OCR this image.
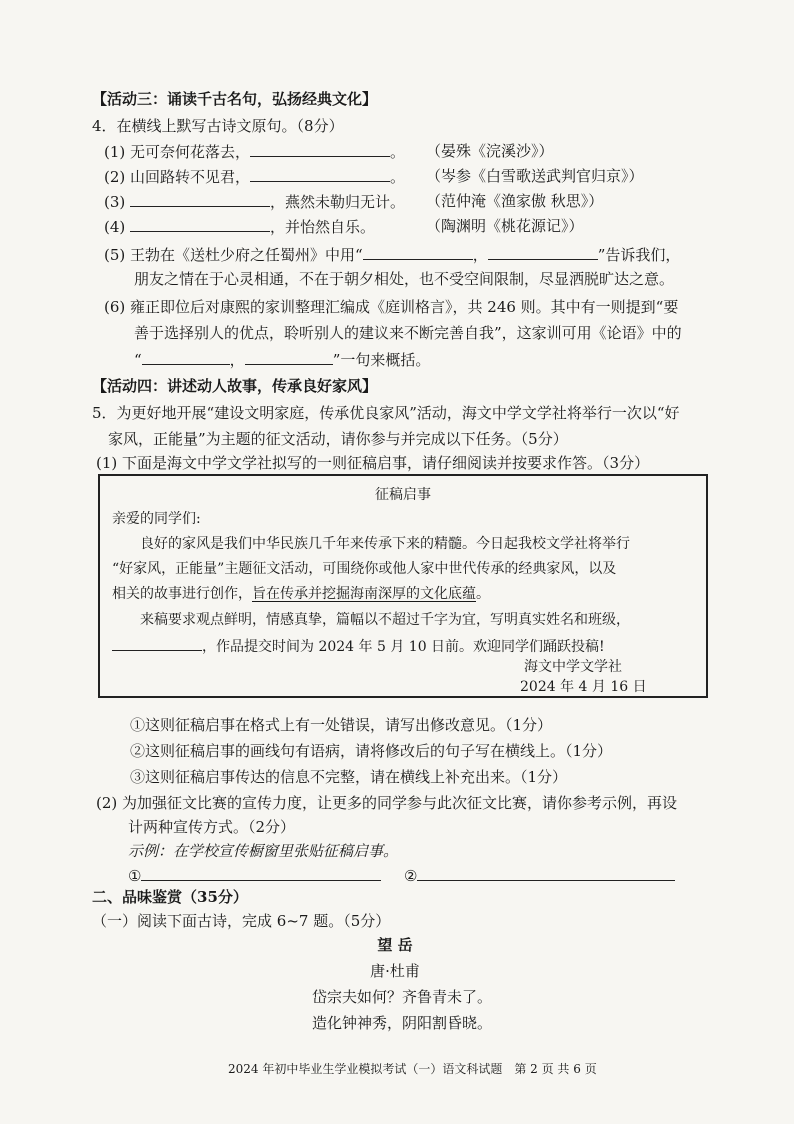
【活动三：诵读千古名句，弘扬经典文化】
4．在横线上默写古诗文原句。（8分）
(1) 无可奈何花落去，	。 （晏殊《浣溪沙》）
(2) 山回路转不见君，	。 （岑参《白雪歌送武判官归京》）
(3)	，燕然未勒归无计。 （范仲淹《渔家傲 秋思》）
(4)	，并怡然自乐。	（陶渊明《桃花源记》）
(5) 王勃在《送杜少府之任蜀州》中用“	，	”告诉我们，
朋友之情在于心灵相通，不在于朝夕相处，也不受空间限制，尽显洒脱旷达之意。
(6) 雍正即位后对康熙的家训整理汇编成《庭训格言》，共 246 则。其中有一则提到“要
善于选择别人的优点，聆听别人的建议来不断完善自我”，这家训可用《论语》中的
“	，	”一句来概括。
【活动四：讲述动人故事，传承良好家风】
5．为更好地开展“建设文明家庭，传承优良家风”活动，海文中学文学社将举行一次以“好
家风，正能量”为主题的征文活动，请你参与并完成以下任务。（5分）
(1) 下面是海文中学文学社拟写的一则征稿启事，请仔细阅读并按要求作答。（3分）
征稿启事
亲爱的同学们:
良好的家风是我们中华民族几千年来传承下来的精髓。今日起我校文学社将举行
“好家风，正能量”主题征文活动，可围绕你或他人家中世代传承的经典家风，以及
相关的故事进行创作，旨在传承并挖掘海南深厚的文化底蕴。
来稿要求观点鲜明，情感真挚，篇幅以不超过千字为宜，写明真实姓名和班级，
，作品提交时间为 2024 年 5 月 10 日前。欢迎同学们踊跃投稿!
海文中学文学社
2024 年 4 月 16 日
①这则征稿启事在格式上有一处错误，请写出修改意见。（1分）
②这则征稿启事的画线句有语病，请将修改后的句子写在横线上。（1分）
③这则征稿启事传达的信息不完整，请在横线上补充出来。（1分）
(2) 为加强征文比赛的宣传力度，让更多的同学参与此次征文比赛，请你参考示例，再设
计两种宣传方式。（2分）
示例：在学校宣传橱窗里张贴征稿启事。
①	②
二、品味鉴赏（35分）
（一）阅读下面古诗，完成 6~7 题。（5分）
望 岳
唐·杜甫
岱宗夫如何？齐鲁青未了。
造化钟神秀，阴阳割昏晓。
2024 年初中毕业生学业模拟考试（一）语文科试题　第 2 页 共 6 页
